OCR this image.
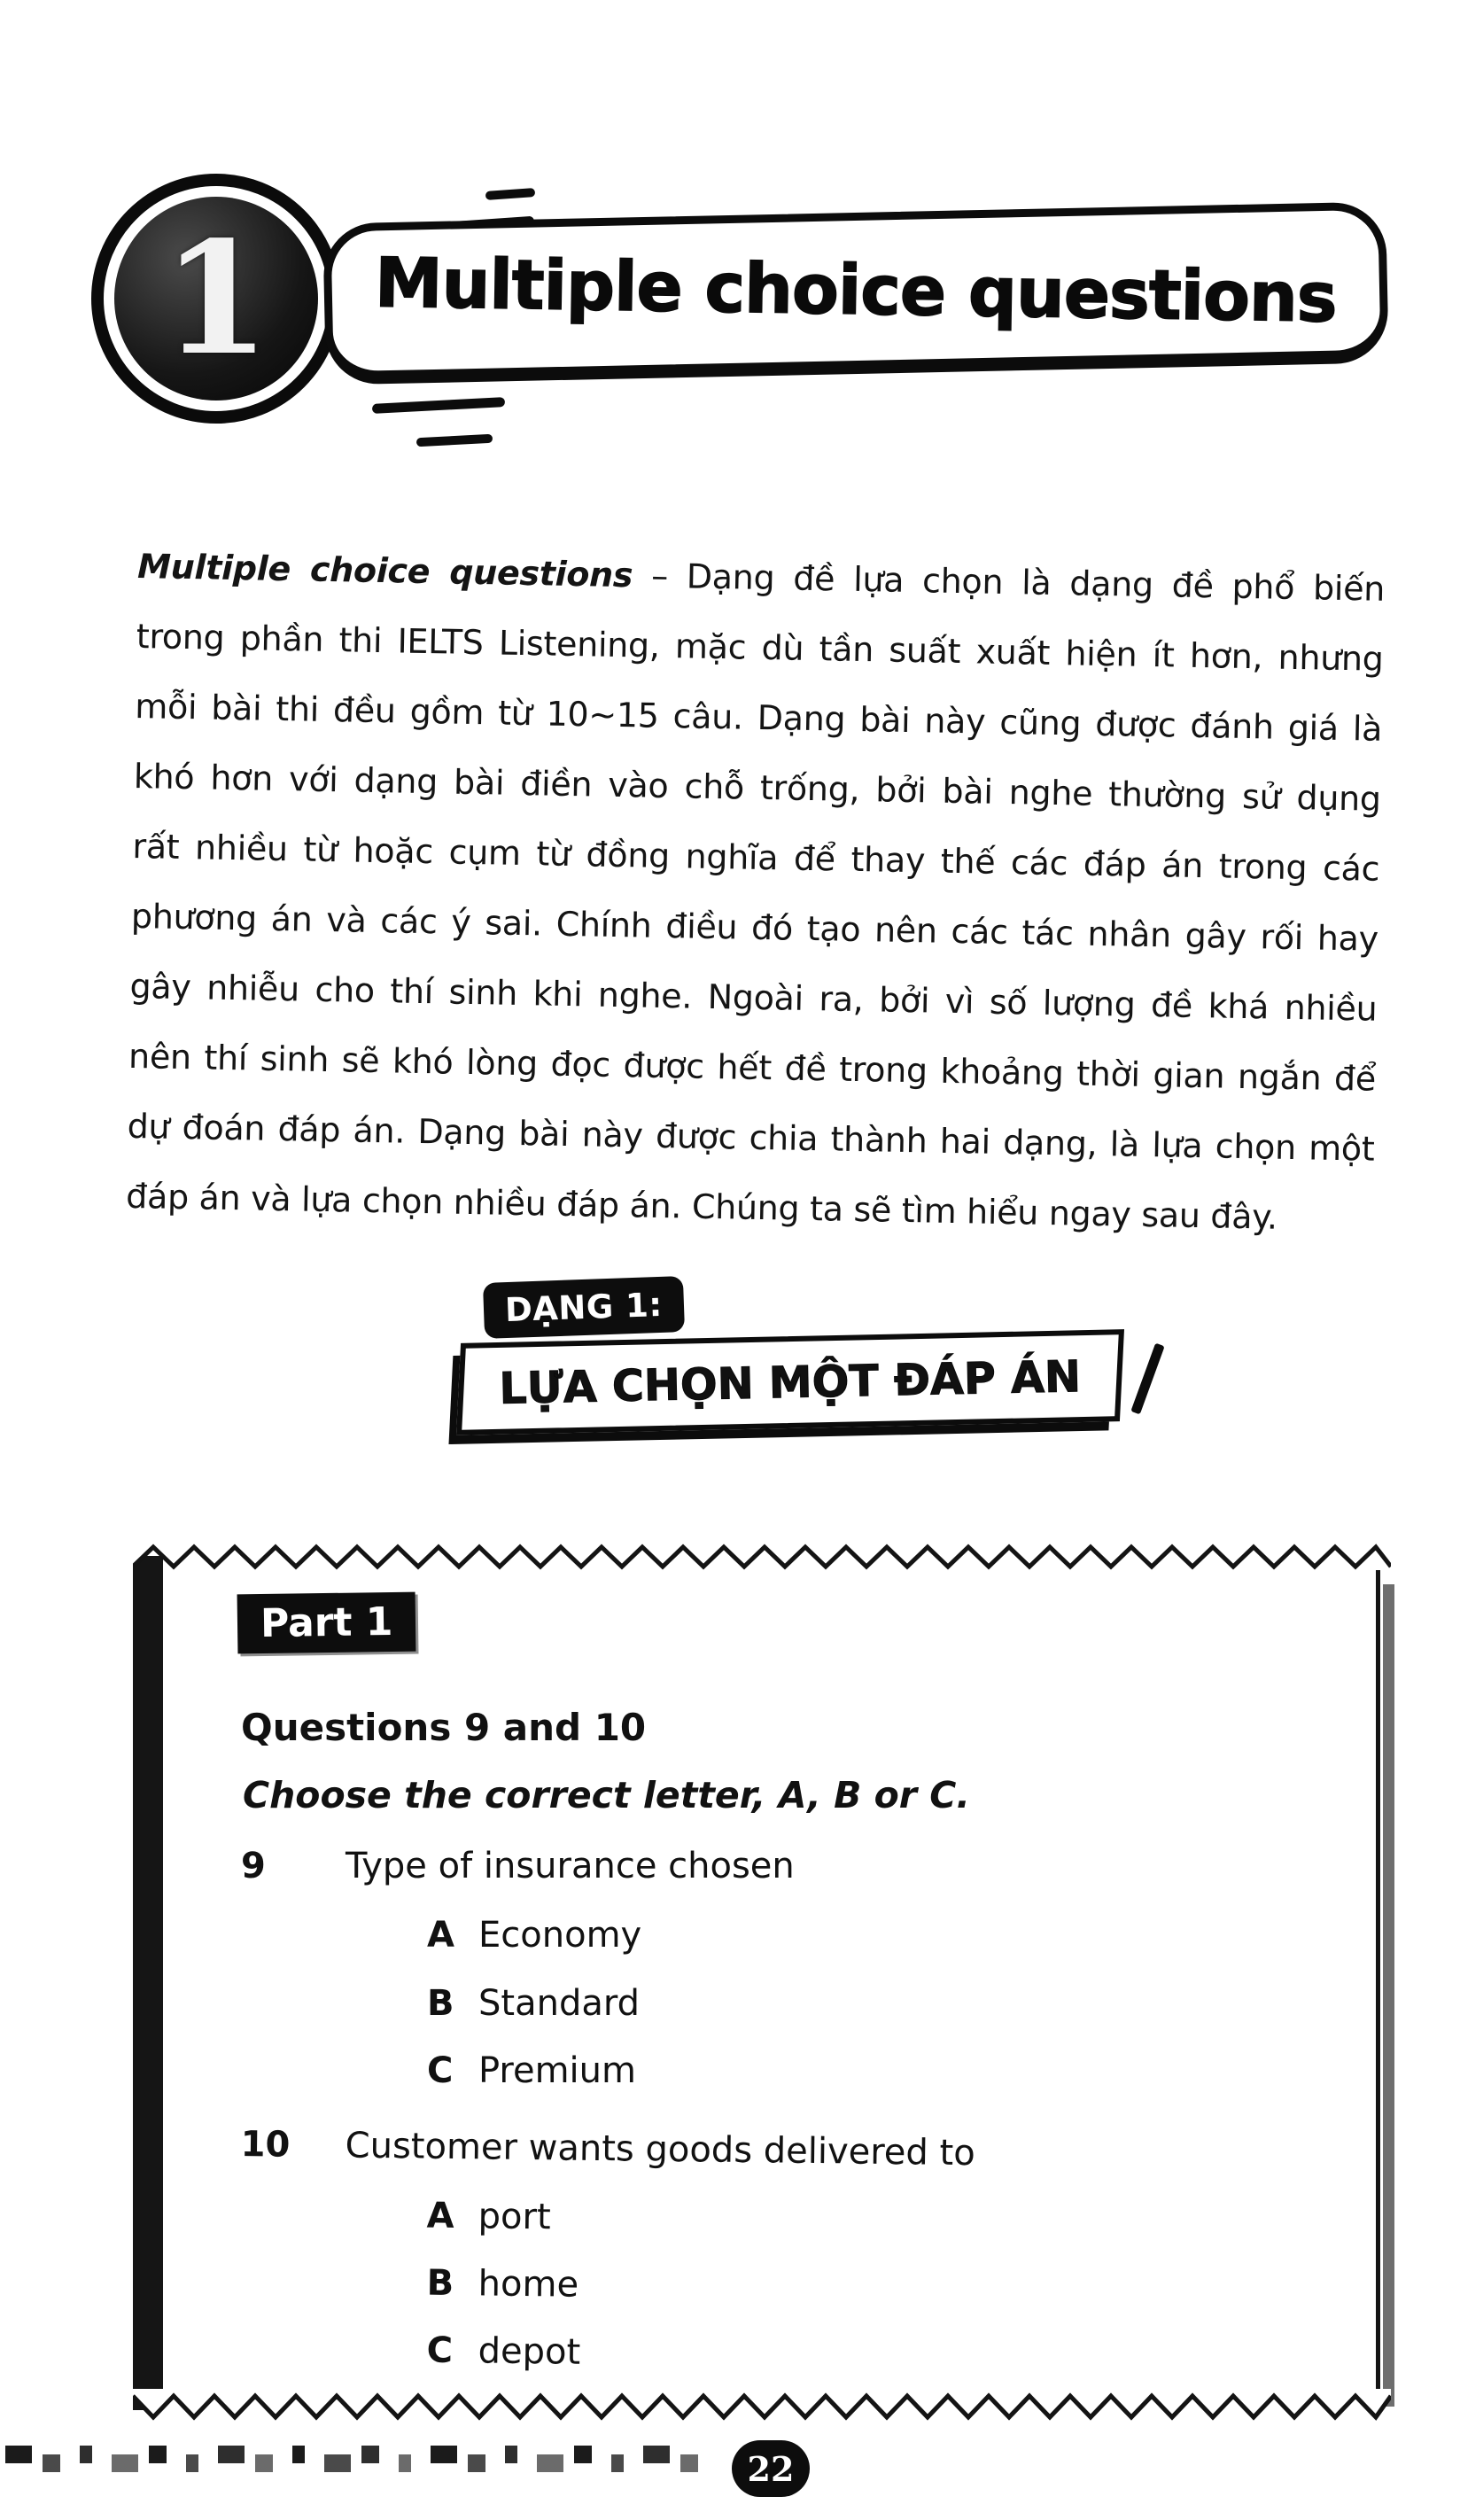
1 Multiple choice questions
Multiple choice questions – Dạng đề lựa chọn là dạng đề phổ biến
trong phần thi IELTS Listening, mặc dù tần suất xuất hiện ít hơn, nhưng
mỗi bài thi đều gồm từ 10~15 câu. Dạng bài này cũng được đánh giá là
khó hơn với dạng bài điền vào chỗ trống, bởi bài nghe thường sử dụng
rất nhiều từ hoặc cụm từ đồng nghĩa để thay thế các đáp án trong các
phương án và các ý sai. Chính điều đó tạo nên các tác nhân gây rối hay
gây nhiễu cho thí sinh khi nghe. Ngoài ra, bởi vì số lượng đề khá nhiều
nên thí sinh sẽ khó lòng đọc được hết đề trong khoảng thời gian ngắn để
dự đoán đáp án. Dạng bài này được chia thành hai dạng, là lựa chọn một
đáp án và lựa chọn nhiều đáp án. Chúng ta sẽ tìm hiểu ngay sau đây.
DẠNG 1:
LỰA CHỌN MỘT ĐÁP ÁN
Part 1
Questions 9 and 10
Choose the correct letter, A, B or C.
9 Type of insurance chosen
A Economy
B Standard
C Premium
10 Customer wants goods delivered to
A port
B home
C depot
22
